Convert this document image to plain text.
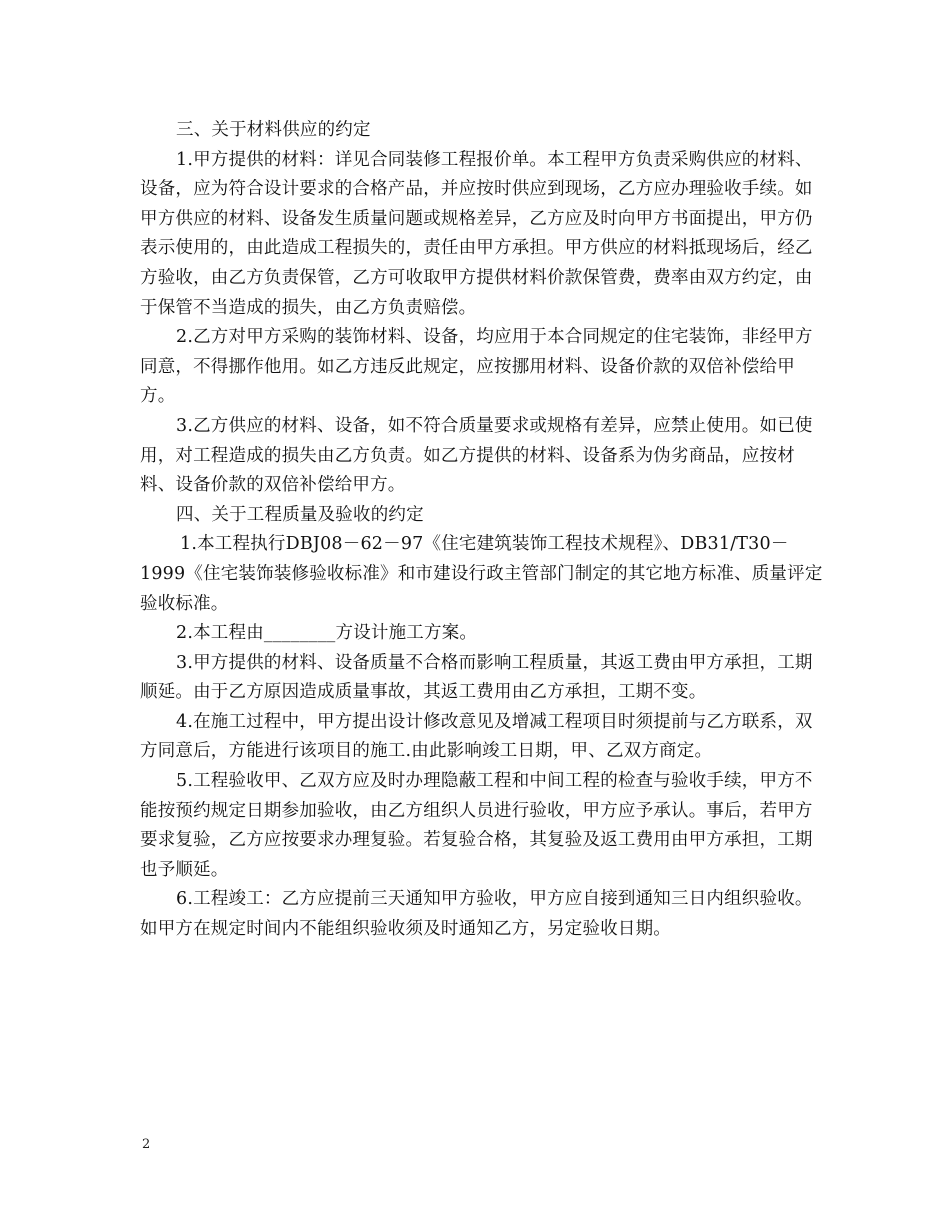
三、关于材料供应的约定

1.甲方提供的材料：详见合同装修工程报价单。本工程甲方负责采购供应的材料、设备，应为符合设计要求的合格产品，并应按时供应到现场，乙方应办理验收手续。如甲方供应的材料、设备发生质量问题或规格差异，乙方应及时向甲方书面提出，甲方仍表示使用的，由此造成工程损失的，责任由甲方承担。甲方供应的材料抵现场后，经乙方验收，由乙方负责保管，乙方可收取甲方提供材料价款保管费，费率由双方约定，由于保管不当造成的损失，由乙方负责赔偿。

2.乙方对甲方采购的装饰材料、设备，均应用于本合同规定的住宅装饰，非经甲方同意，不得挪作他用。如乙方违反此规定，应按挪用材料、设备价款的双倍补偿给甲方。

3.乙方供应的材料、设备，如不符合质量要求或规格有差异，应禁止使用。如已使用，对工程造成的损失由乙方负责。如乙方提供的材料、设备系为伪劣商品，应按材料、设备价款的双倍补偿给甲方。

四、关于工程质量及验收的约定

1.本工程执行DBJ08－62－97《住宅建筑装饰工程技术规程》、DB31/T30－1999《住宅装饰装修验收标准》和市建设行政主管部门制定的其它地方标准、质量评定验收标准。

2.本工程由________方设计施工方案。

3.甲方提供的材料、设备质量不合格而影响工程质量，其返工费由甲方承担，工期顺延。由于乙方原因造成质量事故，其返工费用由乙方承担，工期不变。

4.在施工过程中，甲方提出设计修改意见及增减工程项目时须提前与乙方联系，双方同意后，方能进行该项目的施工.由此影响竣工日期，甲、乙双方商定。

5.工程验收甲、乙双方应及时办理隐蔽工程和中间工程的检查与验收手续，甲方不能按预约规定日期参加验收，由乙方组织人员进行验收，甲方应予承认。事后，若甲方要求复验，乙方应按要求办理复验。若复验合格，其复验及返工费用由甲方承担，工期也予顺延。

6.工程竣工：乙方应提前三天通知甲方验收，甲方应自接到通知三日内组织验收。如甲方在规定时间内不能组织验收须及时通知乙方，另定验收日期。

2
